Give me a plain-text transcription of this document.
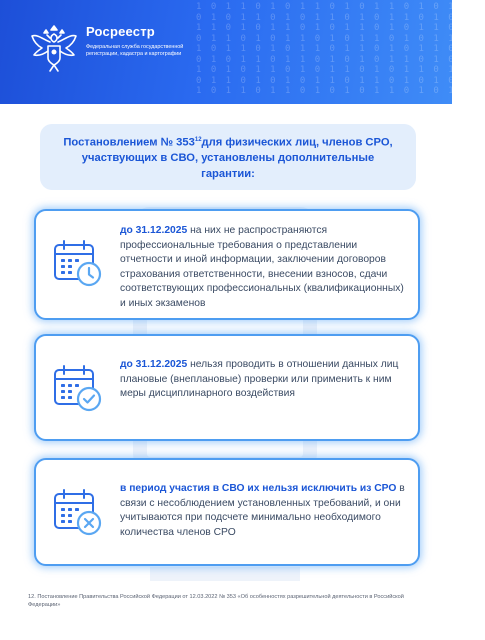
1 0 1 1 0 1 0 1 1 0 1 0 1 1 0 1 0 1 1 0
0 1 0 1 1 0 1 0 1 1 0 1 0 1 1 0 1 0 1 1
1 1 0 1 0 1 1 0 1 0 1 1 0 1 0 1 1 0 1 0
0 1 1 0 1 0 1 1 0 1 0 1 1 0 1 0 1 1 0 1
1 0 1 1 0 1 0 1 1 0 1 1 0 1 0 1 1 0 1 0
0 1 0 1 1 0 1 1 0 1 0 1 0 1 1 0 1 0 1 1
1 0 1 0 1 1 0 1 0 1 1 0 1 0 1 1 0 1 1 0
0 1 1 0 1 0 1 0 1 1 0 1 1 0 1 0 1 0 1 1
1 0 1 1 0 1 1 0 1 0 1 0 1 1 0 1 0 1 0 1
Росреестр
Федеральная служба государственной регистрации, кадастра и картографии
Постановлением № $353^{12}для$ физических лиц, членов СРО, участвующих в СВО, установлены дополнительные гарантии:
до 31.12.2025 на них не распространяются профессиональные требования о представлении отчетности и иной информации, заключении договоров страхования ответственности, внесении взносов, сдачи соответствующих профессиональных (квалификационных) и иных экзаменов
до 31.12.2025 нельзя проводить в отношении данных лиц плановые (внеплановые) проверки или применить к ним меры дисциплинарного воздействия
в период участия в СВО их нельзя исключить из СРО в связи с несоблюдением установленных требований, и они учитываются при подсчете минимально необходимого количества членов СРО
12. Постановление Правительства Российской Федерации от 12.03.2022 № 353 «Об особенностях разрешительной деятельности в Российской Федерации»
